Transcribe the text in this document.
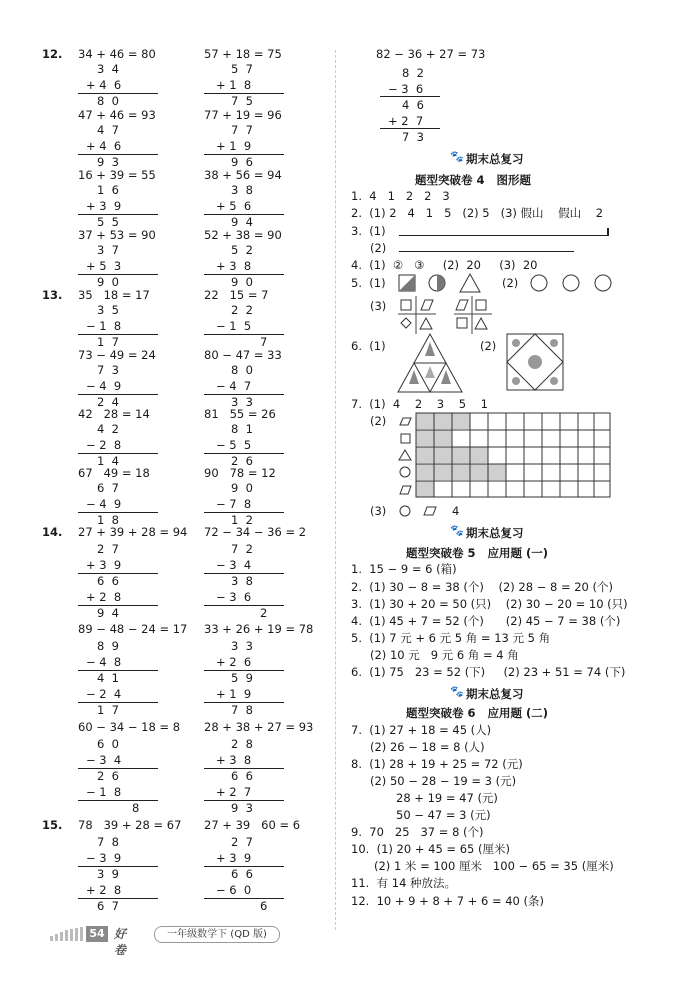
12. 34 + 46 = 80
3  4
+ 4  6
8  0
57 + 18 = 75
5  7
+ 1  8
7  5
47 + 46 = 93
4  7
+ 4  6
9  3
77 + 19 = 96
7  7
+ 1  9
9  6
16 + 39 = 55
1  6
+ 3  9
5  5
38 + 56 = 94
3  8
+ 5  6
9  4
37 + 53 = 90
3  7
+ 5  3
9  0
52 + 38 = 90
5  2
+ 3  8
9  0
13. 35   18 = 17
3  5
− 1  8
1  7
22   15 = 7
2  2
− 1  5
7
73 − 49 = 24
7  3
− 4  9
2  4
80 − 47 = 33
8  0
− 4  7
3  3
42   28 = 14
4  2
− 2  8
1  4
81   55 = 26
8  1
− 5  5
2  6
67   49 = 18
6  7
− 4  9
1  8
90   78 = 12
9  0
− 7  8
1  2
14. 27 + 39 + 28 = 94
2  7
+ 3  9
6  6
+ 2  8
9  4
72 − 34 − 36 = 2
7  2
− 3  4
3  8
− 3  6
2
89 − 48 − 24 = 17
8  9
− 4  8
4  1
− 2  4
1  7
33 + 26 + 19 = 78
3  3
+ 2  6
5  9
+ 1  9
7  8
60 − 34 − 18 = 8
6  0
− 3  4
2  6
− 1  8
8
28 + 38 + 27 = 93
2  8
+ 3  8
6  6
+ 2  7
9  3
15. 78   39 + 28 = 67
7  8
− 3  9
3  9
+ 2  8
6  7
27 + 39   60 = 6
2  7
+ 3  9
6  6
− 6  0
6
82 − 36 + 27 = 73
8  2
− 3  6
4  6
+ 2  7
7  3
🐾 期末总复习
题型突破卷 4   图形题
1.  4   1   2   2   3
2.  (1) 2   4   1   5   (2) 5   (3) 假山    假山    2
3.  (1)
(2)
4.  (1)  ②   ③     (2)  20     (3)  20
5.  (1)	(2)
(3)
6.  (1)	(2)
7.  (1)  4    2    3    5    1
(2)
(3)	4
🐾 期末总复习
题型突破卷 5   应用题 (一)
1.  15 − 9 = 6 (箱)
2.  (1) 30 − 8 = 38 (个)    (2) 28 − 8 = 20 (个)
3.  (1) 30 + 20 = 50 (只)    (2) 30 − 20 = 10 (只)
4.  (1) 45 + 7 = 52 (个)      (2) 45 − 7 = 38 (个)
5.  (1) 7 元 + 6 元 5 角 = 13 元 5 角
(2) 10 元   9 元 6 角 = 4 角
6.  (1) 75   23 = 52 (下)     (2) 23 + 51 = 74 (下)
🐾 期末总复习
题型突破卷 6   应用题 (二)
7.  (1) 27 + 18 = 45 (人)
(2) 26 − 18 = 8 (人)
8.  (1) 28 + 19 + 25 = 72 (元)
(2) 50 − 28 − 19 = 3 (元)
28 + 19 = 47 (元)
50 − 47 = 3 (元)
9.  70   25   37 = 8 (个)
10.  (1) 20 + 45 = 65 (厘米)
(2) 1 米 = 100 厘米   100 − 65 = 35 (厘米)
11.  有 14 种放法。
12.  10 + 9 + 8 + 7 + 6 = 40 (条)
54 好卷
一年级数学下 (QD 版)
